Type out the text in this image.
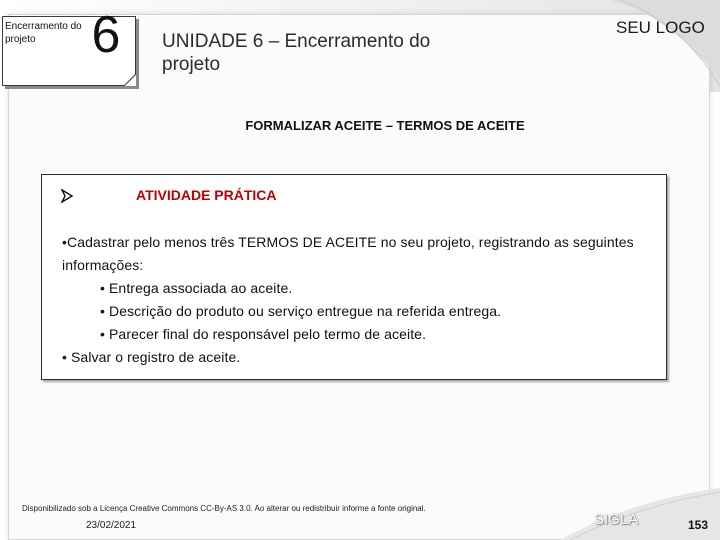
Encerramento do projeto	6 UNIDADE 6 – Encerramento do projeto
SEU LOGO
FORMALIZAR ACEITE – TERMOS DE ACEITE
ATIVIDADE PRÁTICA
•Cadastrar pelo menos três TERMOS DE ACEITE no seu projeto, registrando as seguintes informações:
• Entrega associada ao aceite.
• Descrição do produto ou serviço entregue na referida entrega.
• Parecer final do responsável pelo termo de aceite.
• Salvar o registro de aceite.
Disponibilizado sob a Licença Creative Commons CC-By-AS 3.0. Ao alterar ou redistribuir informe a fonte original.
23/02/2021	SIGLA	153
